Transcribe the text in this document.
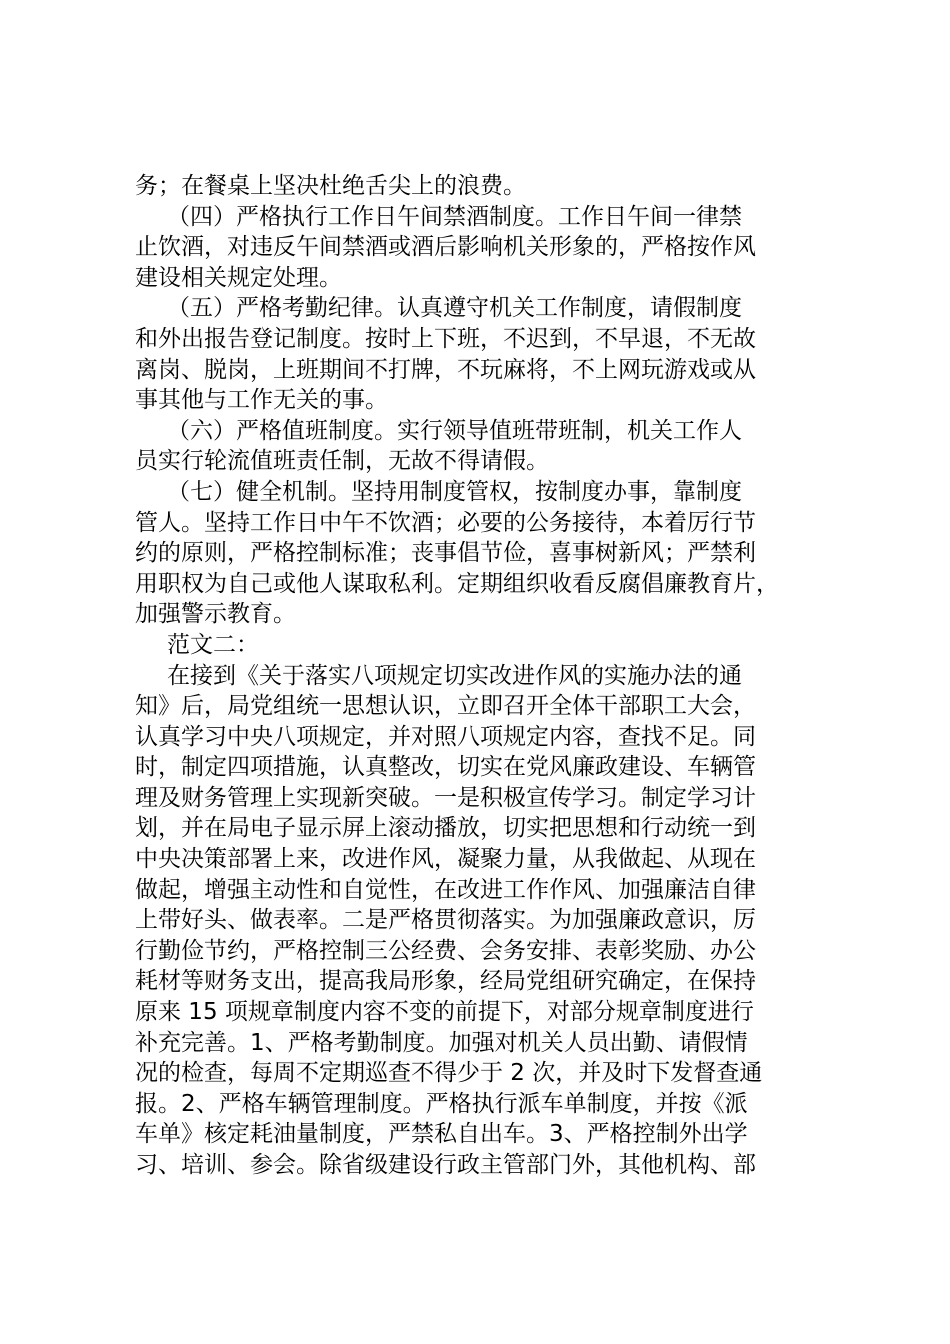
务；在餐桌上坚决杜绝舌尖上的浪费。
（四）严格执行工作日午间禁酒制度。工作日午间一律禁
止饮酒，对违反午间禁酒或酒后影响机关形象的，严格按作风
建设相关规定处理。
（五）严格考勤纪律。认真遵守机关工作制度，请假制度
和外出报告登记制度。按时上下班，不迟到，不早退，不无故
离岗、脱岗，上班期间不打牌，不玩麻将，不上网玩游戏或从
事其他与工作无关的事。
（六）严格值班制度。实行领导值班带班制，机关工作人
员实行轮流值班责任制，无故不得请假。
（七）健全机制。坚持用制度管权，按制度办事，靠制度
管人。坚持工作日中午不饮酒；必要的公务接待，本着厉行节
约的原则，严格控制标准；丧事倡节俭，喜事树新风；严禁利
用职权为自己或他人谋取私利。定期组织收看反腐倡廉教育片，
加强警示教育。
范文二：
在接到《关于落实八项规定切实改进作风的实施办法的通
知》后，局党组统一思想认识，立即召开全体干部职工大会，
认真学习中央八项规定，并对照八项规定内容，查找不足。同
时，制定四项措施，认真整改，切实在党风廉政建设、车辆管
理及财务管理上实现新突破。一是积极宣传学习。制定学习计
划，并在局电子显示屏上滚动播放，切实把思想和行动统一到
中央决策部署上来，改进作风，凝聚力量，从我做起、从现在
做起，增强主动性和自觉性，在改进工作作风、加强廉洁自律
上带好头、做表率。二是严格贯彻落实。为加强廉政意识，厉
行勤俭节约，严格控制三公经费、会务安排、表彰奖励、办公
耗材等财务支出，提高我局形象，经局党组研究确定，在保持
原来 15 项规章制度内容不变的前提下，对部分规章制度进行
补充完善。1、严格考勤制度。加强对机关人员出勤、请假情
况的检查，每周不定期巡查不得少于 2 次，并及时下发督查通
报。2、严格车辆管理制度。严格执行派车单制度，并按《派
车单》核定耗油量制度，严禁私自出车。3、严格控制外出学
习、培训、参会。除省级建设行政主管部门外，其他机构、部
